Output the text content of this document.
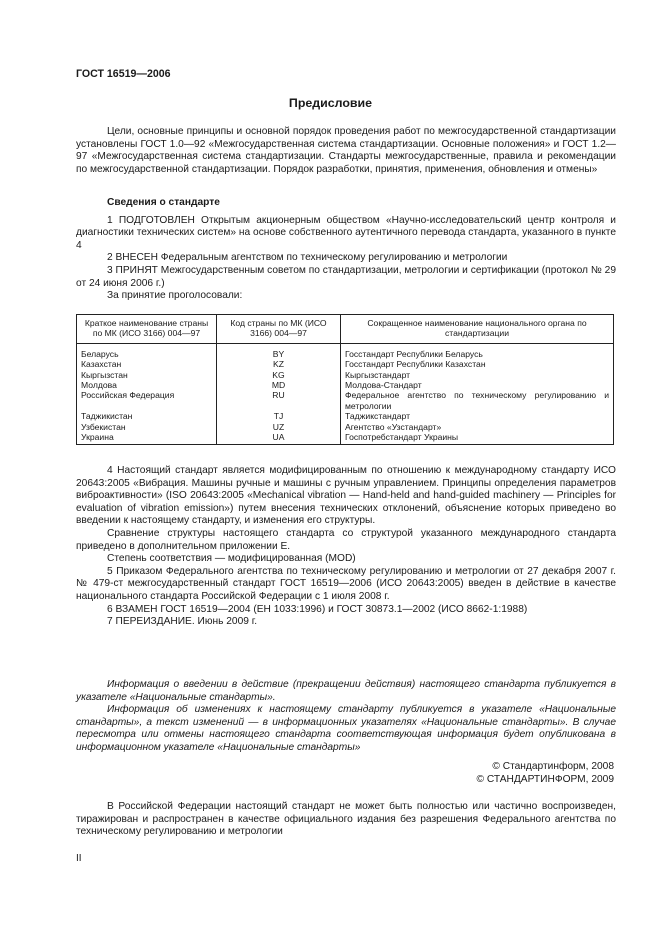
ГОСТ 16519—2006
Предисловие

Цели, основные принципы и основной порядок проведения работ по межгосударственной стандартизации установлены ГОСТ 1.0—92 «Межгосударственная система стандартизации. Основные положения» и ГОСТ 1.2—97 «Межгосударственная система стандартизации. Стандарты межгосударственные, правила и рекомендации по межгосударственной стандартизации. Порядок разработки, принятия, применения, обновления и отмены»

Сведения о стандарте

1 ПОДГОТОВЛЕН Открытым акционерным обществом «Научно-исследовательский центр контроля и диагностики технических систем» на основе собственного аутентичного перевода стандарта, указанного в пункте 4

2 ВНЕСЕН Федеральным агентством по техническому регулированию и метрологии

3 ПРИНЯТ Межгосударственным советом по стандартизации, метрологии и сертификации (протокол № 29 от 24 июня 2006 г.)

За принятие проголосовали:

Краткое наименование страны по МК (ИСО 3166) 004—97	Код страны по МК (ИСО 3166) 004—97	Сокращенное наименование национального органа по стандартизации
Беларусь	BY	Госстандарт Республики Беларусь
Казахстан	KZ	Госстандарт Республики Казахстан
Кыргызстан	KG	Кыргызстандарт
Молдова	MD	Молдова-Стандарт
Российская Федерация	RU	Федеральное агентство по техническому регулированию и метрологии
Таджикистан	TJ	Таджикстандарт
Узбекистан	UZ	Агентство «Узстандарт»
Украина	UA	Госпотребстандарт Украины

4 Настоящий стандарт является модифицированным по отношению к международному стандарту ИСО 20643:2005 «Вибрация. Машины ручные и машины с ручным управлением. Принципы определения параметров виброактивности» (ISO 20643:2005 «Mechanical vibration — Hand-held and hand-guided machinery — Principles for evaluation of vibration emission») путем внесения технических отклонений, объяснение которых приведено во введении к настоящему стандарту, и изменения его структуры.

Сравнение структуры настоящего стандарта со структурой указанного международного стандарта приведено в дополнительном приложении Е.

Степень соответствия — модифицированная (MOD)

5 Приказом Федерального агентства по техническому регулированию и метрологии от 27 декабря 2007 г. № 479-ст межгосударственный стандарт ГОСТ 16519—2006 (ИСО 20643:2005) введен в действие в качестве национального стандарта Российской Федерации с 1 июля 2008 г.

6 ВЗАМЕН ГОСТ 16519—2004 (ЕН 1033:1996) и ГОСТ 30873.1—2002 (ИСО 8662-1:1988)

7 ПЕРЕИЗДАНИЕ. Июнь 2009 г.

Информация о введении в действие (прекращении действия) настоящего стандарта публикуется в указателе «Национальные стандарты».

Информация об изменениях к настоящему стандарту публикуется в указателе «Национальные стандарты», а текст изменений — в информационных указателях «Национальные стандарты». В случае пересмотра или отмены настоящего стандарта соответствующая информация будет опубликована в информационном указателе «Национальные стандарты»

© Стандартинформ, 2008
© СТАНДАРТИНФОРМ, 2009

В Российской Федерации настоящий стандарт не может быть полностью или частично воспроизведен, тиражирован и распространен в качестве официального издания без разрешения Федерального агентства по техническому регулированию и метрологии

II
